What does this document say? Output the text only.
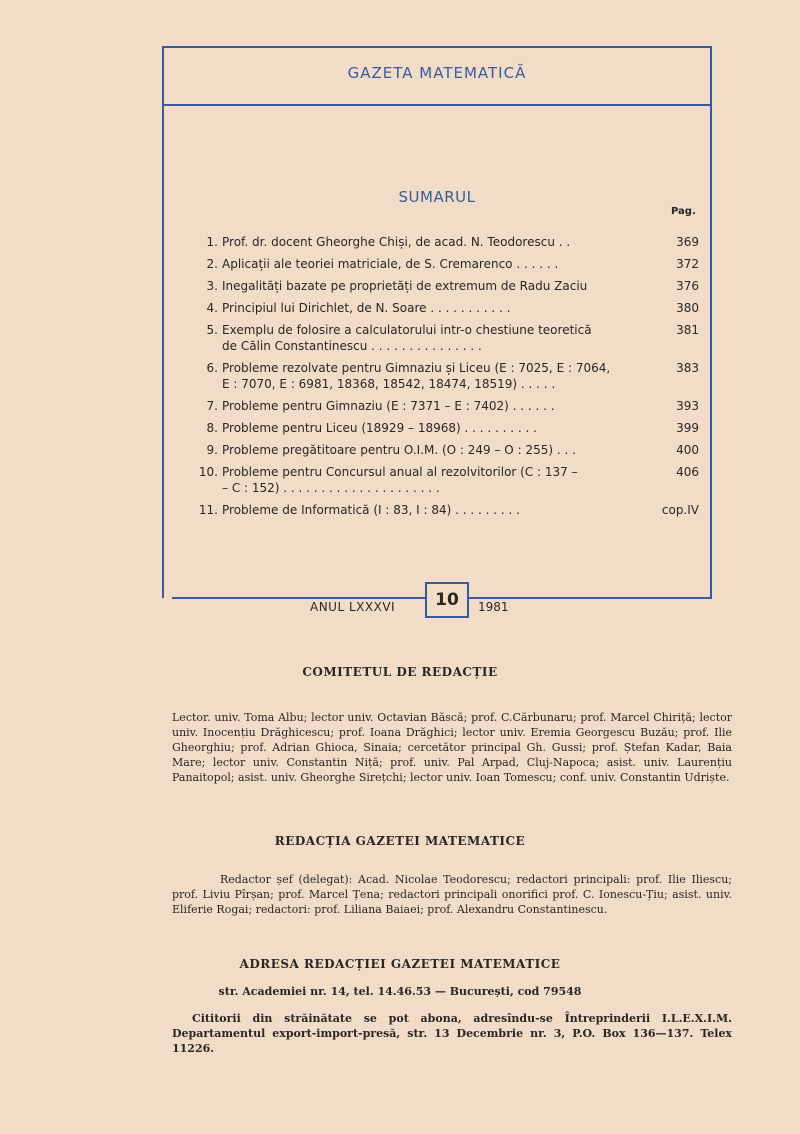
GAZETA MATEMATICĂ
SUMARUL
Pag.
1. Prof. dr. docent Gheorghe Chiși, de acad. N. Teodorescu . .	369
2. Aplicații ale teoriei matriciale, de S. Cremarenco . . . . . .	372
3. Inegalități bazate pe proprietăți de extremum de Radu Zaciu	376
4. Principiul lui Dirichlet, de N. Soare . . . . . . . . . . .	380
5. Exemplu de folosire a calculatorului intr-o chestiune teoretică
de Călin Constantinescu . . . . . . . . . . . . . . .
381
6. Probleme rezolvate pentru Gimnaziu și Liceu (E : 7025, E : 7064,
E : 7070, E : 6981, 18368, 18542, 18474, 18519) . . . . .
383
7. Probleme pentru Gimnaziu (E : 7371 – E : 7402) . . . . . .	393
8. Probleme pentru Liceu (18929 – 18968) . . . . . . . . . .	399
9. Probleme pregătitoare pentru O.I.M. (O : 249 – O : 255) . . .	400
10. Probleme pentru Concursul anual al rezolvitorilor (C : 137 –
– C : 152) . . . . . . . . . . . . . . . . . . . . .
406
11. Probleme de Informatică (I : 83, I : 84) . . . . . . . . .	cop.IV
ANUL LXXXVI	10	1981
COMITETUL DE REDACȚIE
Lector. univ. Toma Albu; lector univ. Octavian Băscă; prof. C.Cărbunaru; prof. Marcel Chiriță; lector univ. Inocențiu Drăghicescu; prof. Ioana Drăghici; lector univ. Eremia Georgescu Buzău; prof. Ilie Gheorghiu; prof. Adrian Ghioca, Sinaia; cercetător principal Gh. Gussi; prof. Ștefan Kadar, Baia Mare; lector univ. Constantin Niță; prof. univ. Pal Arpad, Cluj-Napoca; asist. univ. Laurențiu Panaitopol; asist. univ. Gheorghe Sirețchi; lector univ. Ioan Tomescu; conf. univ. Constantin Udriște.
REDACȚIA GAZETEI MATEMATICE
Redactor șef (delegat): Acad. Nicolae Teodorescu; redactori principali: prof. Ilie Iliescu; prof. Liviu Pîrșan; prof. Marcel Țena; redactori principali onorifici prof. C. Ionescu-Țiu; asist. univ. Eliferie Rogai; redactori: prof. Liliana Baiaei; prof. Alexandru Constantinescu.
ADRESA REDACȚIEI GAZETEI MATEMATICE
str. Academiei nr. 14, tel. 14.46.53 — București, cod 79548
Cititorii din străinătate se pot abona, adresîndu-se Întreprinderii I.L.E.X.I.M. Departamentul export-import-presă, str. 13 Decembrie nr. 3, P.O. Box 136—137. Telex 11226.
